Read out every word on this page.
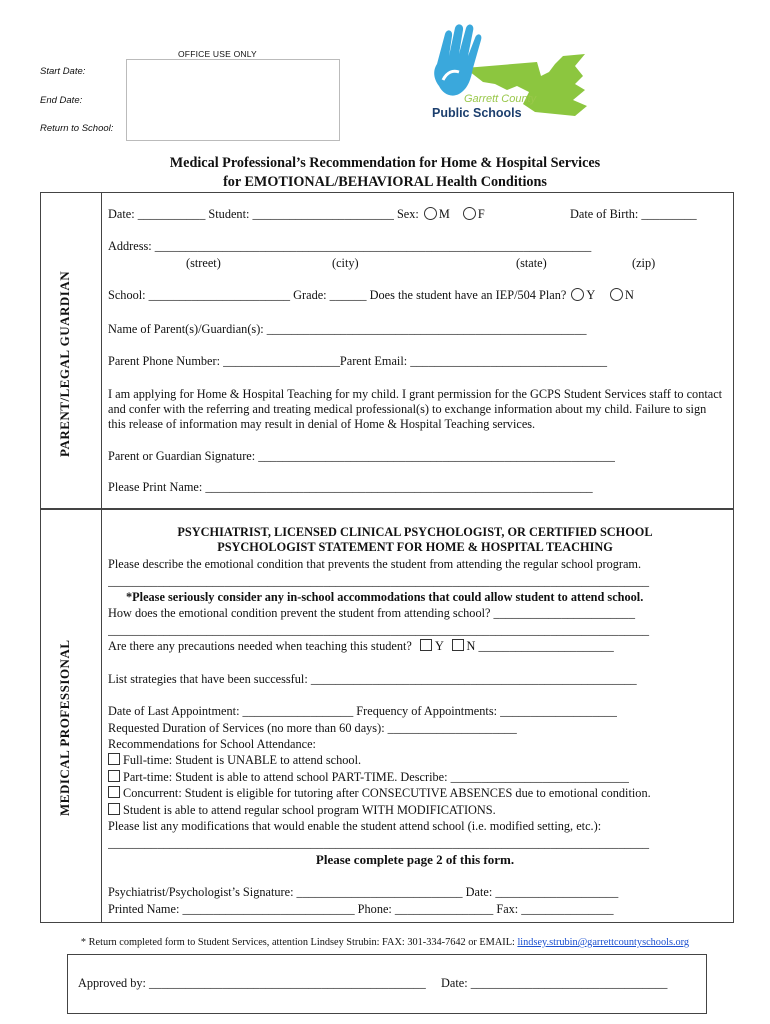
OFFICE USE ONLY
Start Date:
End Date:
Return to School:
Garrett County
Public Schools
Medical Professional’s Recommendation for Home & Hospital Services
for EMOTIONAL/BEHAVIORAL Health Conditions
PARENT/LEGAL GUARDIAN
Date: ___________ Student: _______________________ Sex: M F	Date of Birth: _________
Address: _______________________________________________________________________
(street)	(city)	(state)	(zip)
School: _______________________ Grade: ______ Does the student have an IEP/504 Plan? Y N
Name of Parent(s)/Guardian(s): ____________________________________________________
Parent Phone Number: ___________________Parent Email: ________________________________
I am applying for Home & Hospital Teaching for my child. I grant permission for the GCPS Student Services staff to contact and confer with the referring and treating medical professional(s) to exchange information about my child. Failure to sign this release of information may result in denial of Home & Hospital Teaching services.
Parent or Guardian Signature: __________________________________________________________
Please Print Name: _______________________________________________________________
MEDICAL PROFESSIONAL
PSYCHIATRIST, LICENSED CLINICAL PSYCHOLOGIST, OR CERTIFIED SCHOOL
PSYCHOLOGIST STATEMENT FOR HOME & HOSPITAL TEACHING
Please describe the emotional condition that prevents the student from attending the regular school program.
________________________________________________________________________________________
*Please seriously consider any in-school accommodations that could allow student to attend school.
How does the emotional condition prevent the student from attending school? _______________________
________________________________________________________________________________________
Are there any precautions needed when teaching this student? Y N ______________________
List strategies that have been successful: _____________________________________________________
Date of Last Appointment: __________________ Frequency of Appointments: ___________________
Requested Duration of Services (no more than 60 days): _____________________
Recommendations for School Attendance:
Full-time: Student is UNABLE to attend school.
Part-time: Student is able to attend school PART-TIME. Describe: _____________________________
Concurrent: Student is eligible for tutoring after CONSECUTIVE ABSENCES due to emotional condition.
Student is able to attend regular school program WITH MODIFICATIONS.
Please list any modifications that would enable the student attend school (i.e. modified setting, etc.):
________________________________________________________________________________________
Please complete page 2 of this form.
Psychiatrist/Psychologist’s Signature: ___________________________ Date: ____________________
Printed Name: ____________________________ Phone: ________________ Fax: _______________
* Return completed form to Student Services, attention Lindsey Strubin: FAX: 301-334-7642 or EMAIL: lindsey.strubin@garrettcountyschools.org
Approved by: _____________________________________________ Date: ________________________________
